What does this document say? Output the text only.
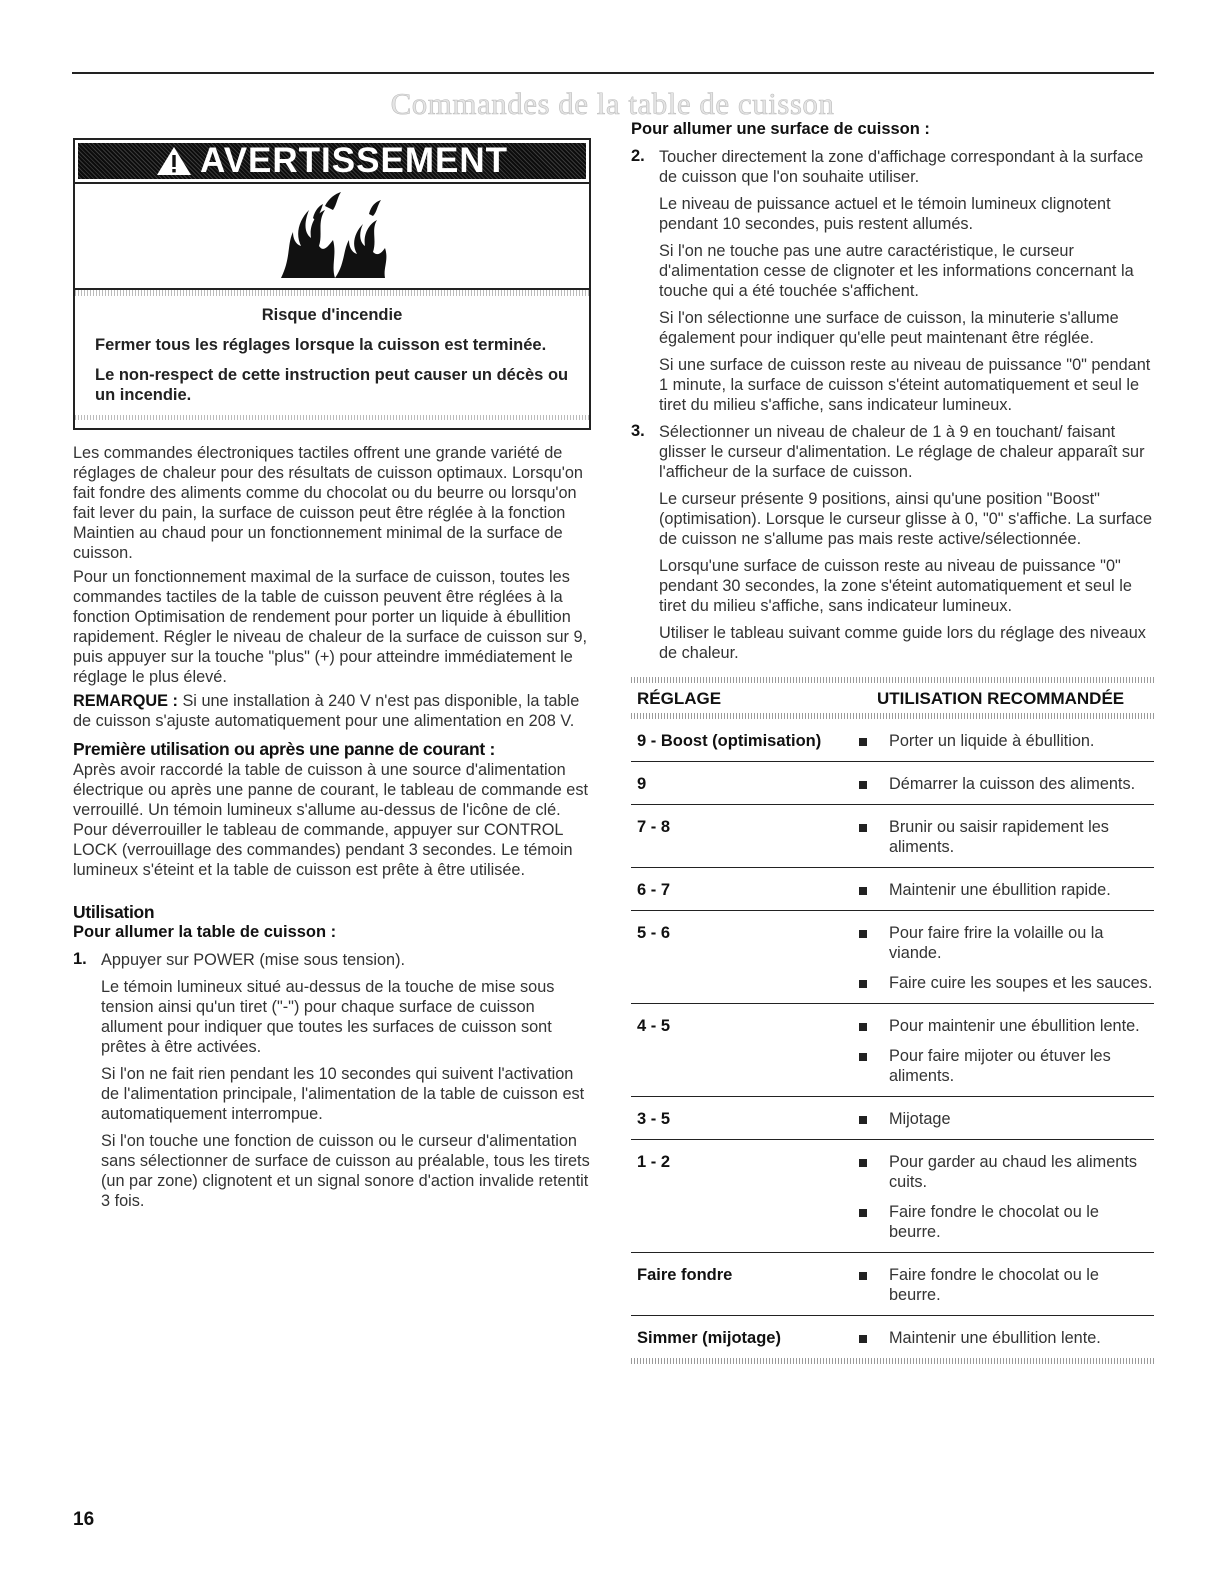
Commandes de la table de cuisson
AVERTISSEMENT

Risque d'incendie

Fermer tous les réglages lorsque la cuisson est terminée.

Le non-respect de cette instruction peut causer un décès ou un incendie.

Les commandes électroniques tactiles offrent une grande variété de réglages de chaleur pour des résultats de cuisson optimaux. Lorsqu'on fait fondre des aliments comme du chocolat ou du beurre ou lorsqu'on fait lever du pain, la surface de cuisson peut être réglée à la fonction Maintien au chaud pour un fonctionnement minimal de la surface de cuisson.

Pour un fonctionnement maximal de la surface de cuisson, toutes les commandes tactiles de la table de cuisson peuvent être réglées à la fonction Optimisation de rendement pour porter un liquide à ébullition rapidement. Régler le niveau de chaleur de la surface de cuisson sur 9, puis appuyer sur la touche "plus" (+) pour atteindre immédiatement le réglage le plus élevé.

REMARQUE : Si une installation à 240 V n'est pas disponible, la table de cuisson s'ajuste automatiquement pour une alimentation en 208 V.

Première utilisation ou après une panne de courant :

Après avoir raccordé la table de cuisson à une source d'alimentation électrique ou après une panne de courant, le tableau de commande est verrouillé. Un témoin lumineux s'allume au-dessus de l'icône de clé. Pour déverrouiller le tableau de commande, appuyer sur CONTROL LOCK (verrouillage des commandes) pendant 3 secondes. Le témoin lumineux s'éteint et la table de cuisson est prête à être utilisée.

Utilisation

Pour allumer la table de cuisson :

1. Appuyer sur POWER (mise sous tension).

Le témoin lumineux situé au-dessus de la touche de mise sous tension ainsi qu'un tiret ("-") pour chaque surface de cuisson allument pour indiquer que toutes les surfaces de cuisson sont prêtes à être activées.

Si l'on ne fait rien pendant les 10 secondes qui suivent l'activation de l'alimentation principale, l'alimentation de la table de cuisson est automatiquement interrompue.

Si l'on touche une fonction de cuisson ou le curseur d'alimentation sans sélectionner de surface de cuisson au préalable, tous les tirets (un par zone) clignotent et un signal sonore d'action invalide retentit 3 fois.

Pour allumer une surface de cuisson :

2. Toucher directement la zone d'affichage correspondant à la surface de cuisson que l'on souhaite utiliser.

Le niveau de puissance actuel et le témoin lumineux clignotent pendant 10 secondes, puis restent allumés.

Si l'on ne touche pas une autre caractéristique, le curseur d'alimentation cesse de clignoter et les informations concernant la touche qui a été touchée s'affichent.

Si l'on sélectionne une surface de cuisson, la minuterie s'allume également pour indiquer qu'elle peut maintenant être réglée.

Si une surface de cuisson reste au niveau de puissance "0" pendant 1 minute, la surface de cuisson s'éteint automatiquement et seul le tiret du milieu s'affiche, sans indicateur lumineux.

3. Sélectionner un niveau de chaleur de 1 à 9 en touchant/ faisant glisser le curseur d'alimentation. Le réglage de chaleur apparaît sur l'afficheur de la surface de cuisson.

Le curseur présente 9 positions, ainsi qu'une position "Boost" (optimisation). Lorsque le curseur glisse à 0, "0" s'affiche. La surface de cuisson ne s'allume pas mais reste active/sélectionnée.

Lorsqu'une surface de cuisson reste au niveau de puissance "0" pendant 30 secondes, la zone s'éteint automatiquement et seul le tiret du milieu s'affiche, sans indicateur lumineux.

Utiliser le tableau suivant comme guide lors du réglage des niveaux de chaleur.

RÉGLAGE	UTILISATION RECOMMANDÉE
9 - Boost (optimisation)	Porter un liquide à ébullition.
9	Démarrer la cuisson des aliments.
7 - 8	Brunir ou saisir rapidement les aliments.
6 - 7	Maintenir une ébullition rapide.
5 - 6	Pour faire frire la volaille ou la viande.
Faire cuire les soupes et les sauces.
4 - 5	Pour maintenir une ébullition lente.
Pour faire mijoter ou étuver les aliments.
3 - 5	Mijotage
1 - 2	Pour garder au chaud les aliments cuits.
Faire fondre le chocolat ou le beurre.
Faire fondre	Faire fondre le chocolat ou le beurre.
Simmer (mijotage)	Maintenir une ébullition lente.
16
